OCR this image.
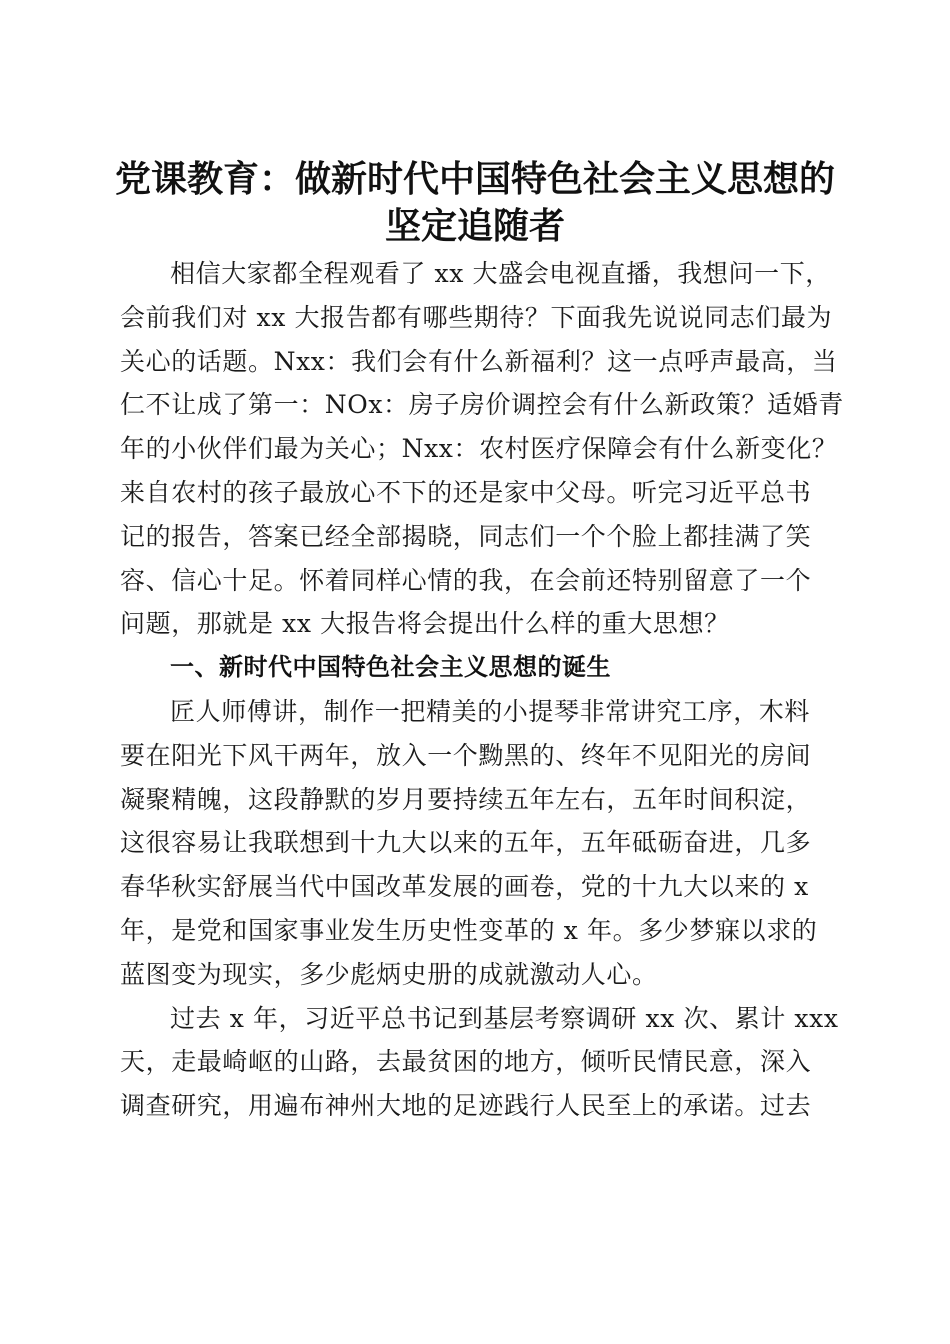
党课教育：做新时代中国特色社会主义思想的
坚定追随者
相信大家都全程观看了 xx 大盛会电视直播，我想问一下，
会前我们对 xx 大报告都有哪些期待？下面我先说说同志们最为
关心的话题。Nxx：我们会有什么新福利？这一点呼声最高，当
仁不让成了第一：NOx：房子房价调控会有什么新政策？适婚青
年的小伙伴们最为关心；Nxx：农村医疗保障会有什么新变化？
来自农村的孩子最放心不下的还是家中父母。听完习近平总书
记的报告，答案已经全部揭晓，同志们一个个脸上都挂满了笑
容、信心十足。怀着同样心情的我，在会前还特别留意了一个
问题，那就是 xx 大报告将会提出什么样的重大思想？
一、新时代中国特色社会主义思想的诞生
匠人师傅讲，制作一把精美的小提琴非常讲究工序，木料
要在阳光下风干两年，放入一个黝黑的、终年不见阳光的房间
凝聚精魄，这段静默的岁月要持续五年左右，五年时间积淀，
这很容易让我联想到十九大以来的五年，五年砥砺奋进，几多
春华秋实舒展当代中国改革发展的画卷，党的十九大以来的 x
年，是党和国家事业发生历史性变革的 x 年。多少梦寐以求的
蓝图变为现实，多少彪炳史册的成就激动人心。
过去 x 年，习近平总书记到基层考察调研 xx 次、累计 xxx
天，走最崎岖的山路，去最贫困的地方，倾听民情民意，深入
调查研究，用遍布神州大地的足迹践行人民至上的承诺。过去
